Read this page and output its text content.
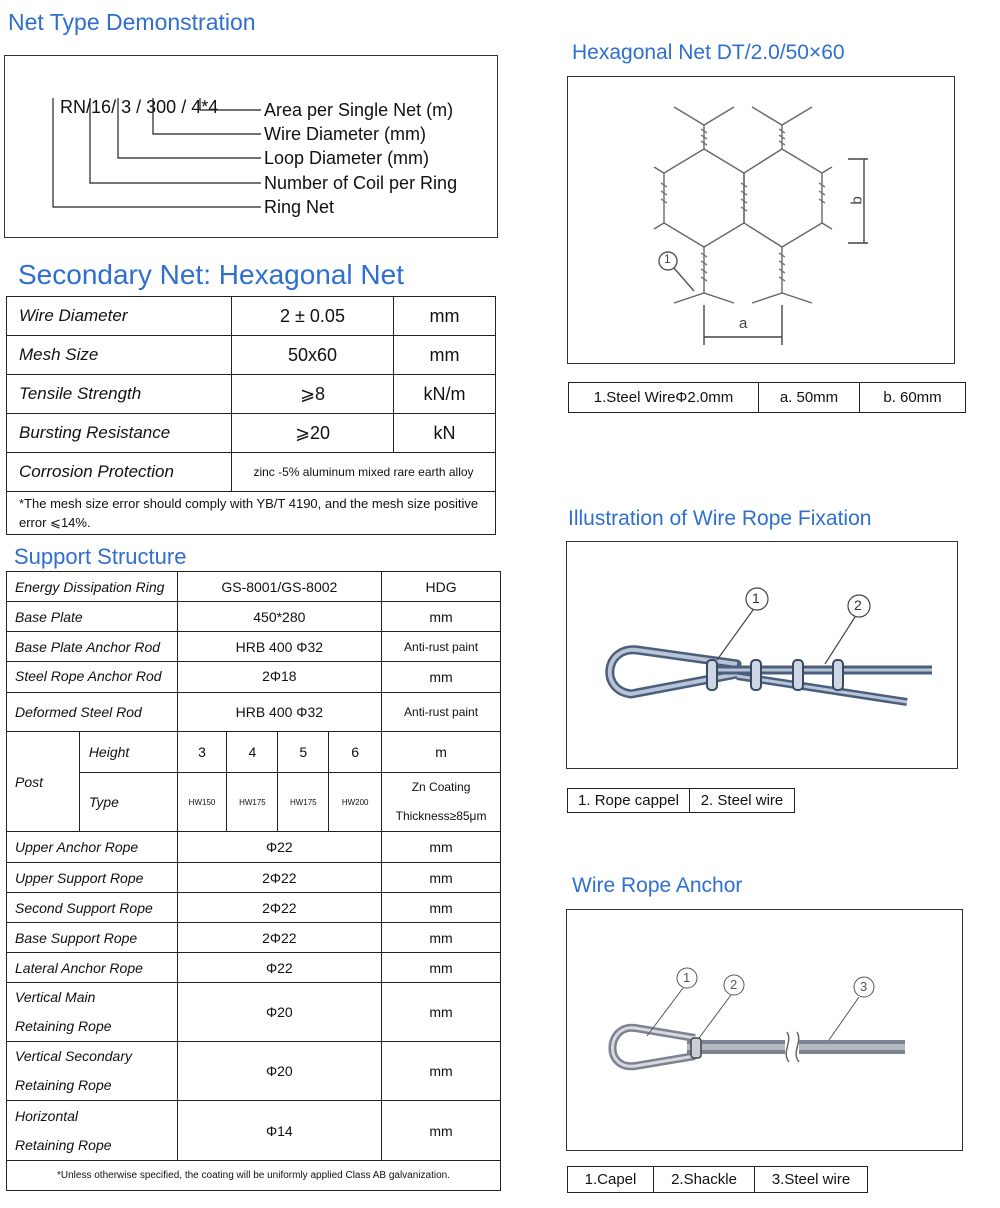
Net Type Demonstration

RN/16/ 3 / 300 / 4*4
	Area per Single Net (m)
Wire Diameter (mm)
Loop Diameter (mm)
Number of Coil per Ring
Ring Net
Secondary Net: Hexagonal Net
Wire Diameter	2 ± 0.05	mm
Mesh Size	50x60	mm
Tensile Strength	⩾8	kN/m
Bursting Resistance	⩾20	kN
Corrosion Protection	zinc -5% aluminum mixed rare earth alloy	
*The mesh size error should comply with YB/T 4190, and the mesh size positive error ⩽14%.		
Support Structure
Energy Dissipation Ring		GS-8001/GS-8002				HDG
Base Plate		450*280				mm
Base Plate Anchor Rod		HRB 400 Φ32				Anti-rust paint
Steel Rope Anchor Rod		2Φ18				mm
Deformed Steel Rod		HRB 400 Φ32				Anti-rust paint
Post	Height	3	4	5	6	m
	Type	HW150	HW175	HW175	HW200	Zn Coating
Thickness≥85μm

Upper Anchor Rope		Φ22				mm
Upper Support Rope		2Φ22				mm
Second Support Rope		2Φ22				mm
Base Support Rope		2Φ22				mm
Lateral Anchor Rope		Φ22				mm

Vertical Main
Retaining Rope		Φ20				mm

Vertical Secondary
Retaining Rope		Φ20				mm

Horizontal
Retaining Rope		Φ14				mm
*Unless otherwise specified, the coating will be uniformly applied Class AB galvanization.						
Hexagonal Net DT/2.0/50×60
1
b
a
1.Steel WireΦ2.0mm	a. 50mm	b. 60mm
Illustration of Wire Rope Fixation
1	2
1. Rope cappel	2. Steel wire
Wire Rope Anchor
1	2	3
1.Capel	2.Shackle	3.Steel wire
